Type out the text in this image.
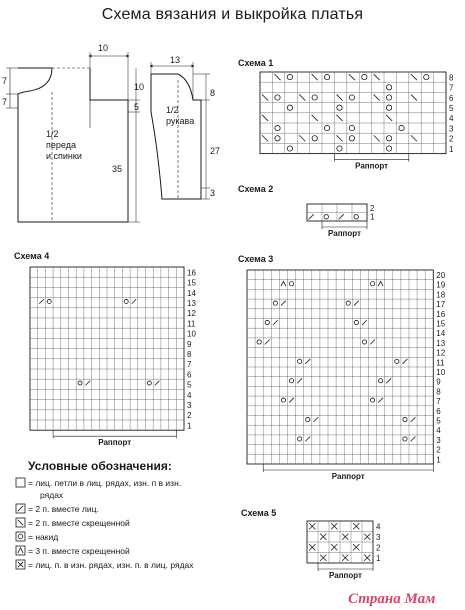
Схема вязания и выкройка платья
10
7
7
10
5
35
1/2
переда
и спинки
13
8
27
3
1/2
рукава
Схема 1
Схема 2
Схема 4	Схема 3
Схема 5
8
7
6
5
4
3
2
1
Раппорт
2
1
Раппорт
20
19
18
17
16
15
14
13
12
11
10
9
8
7
6
5
4
3
2
1
Раппорт
16
15
14
13
12
11
10
9
8
7
6
5
4
3
2
1
Раппорт
4
3
2
1
Раппорт
Условные обозначения:
= лиц. петли в лиц. рядах, изн. п в изн.
рядах
= 2 п. вместе лиц.
= 2 п. вместе скрещенной
= накид
= 3 п. вместе скрещенной
= лиц. п. в изн. рядах, изн. п. в лиц. рядах
Страна Мам
